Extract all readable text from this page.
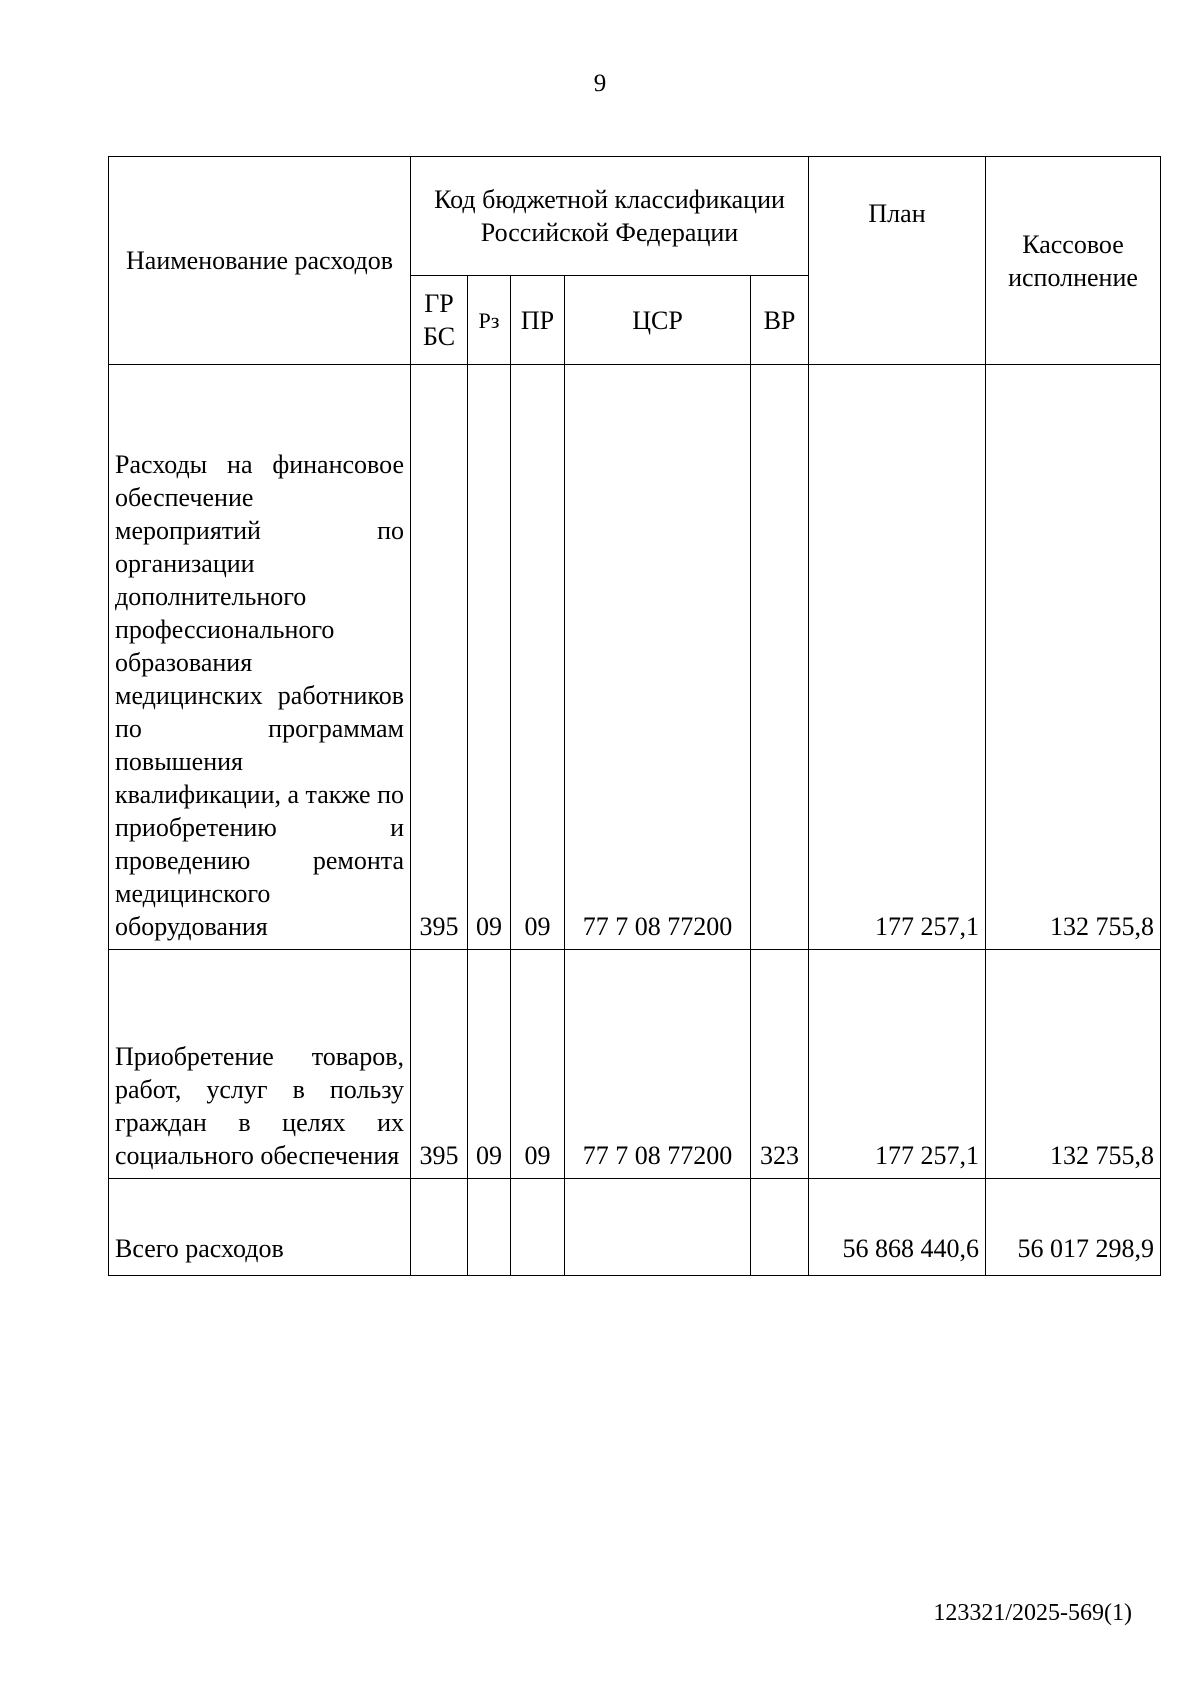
9
Наименование расходов	Код бюджетной классификации Российской Федерации					План	Кассовое исполнение
	ГР БС	Рз	ПР	ЦСР	ВР		
Расходы на финансовое обеспечение мероприятий по организации дополнительного профессионального образования медицинских работников по программам повышения квалификации, а также по приобретению и проведению ремонта медицинского оборудования	395	09	09	77 7 08 77200		177 257,1	132 755,8
Приобретение товаров, работ, услуг в пользу граждан в целях их социального обеспечения	395	09	09	77 7 08 77200	323	177 257,1	132 755,8
Всего расходов						56 868 440,6	56 017 298,9
123321/2025-569(1)
